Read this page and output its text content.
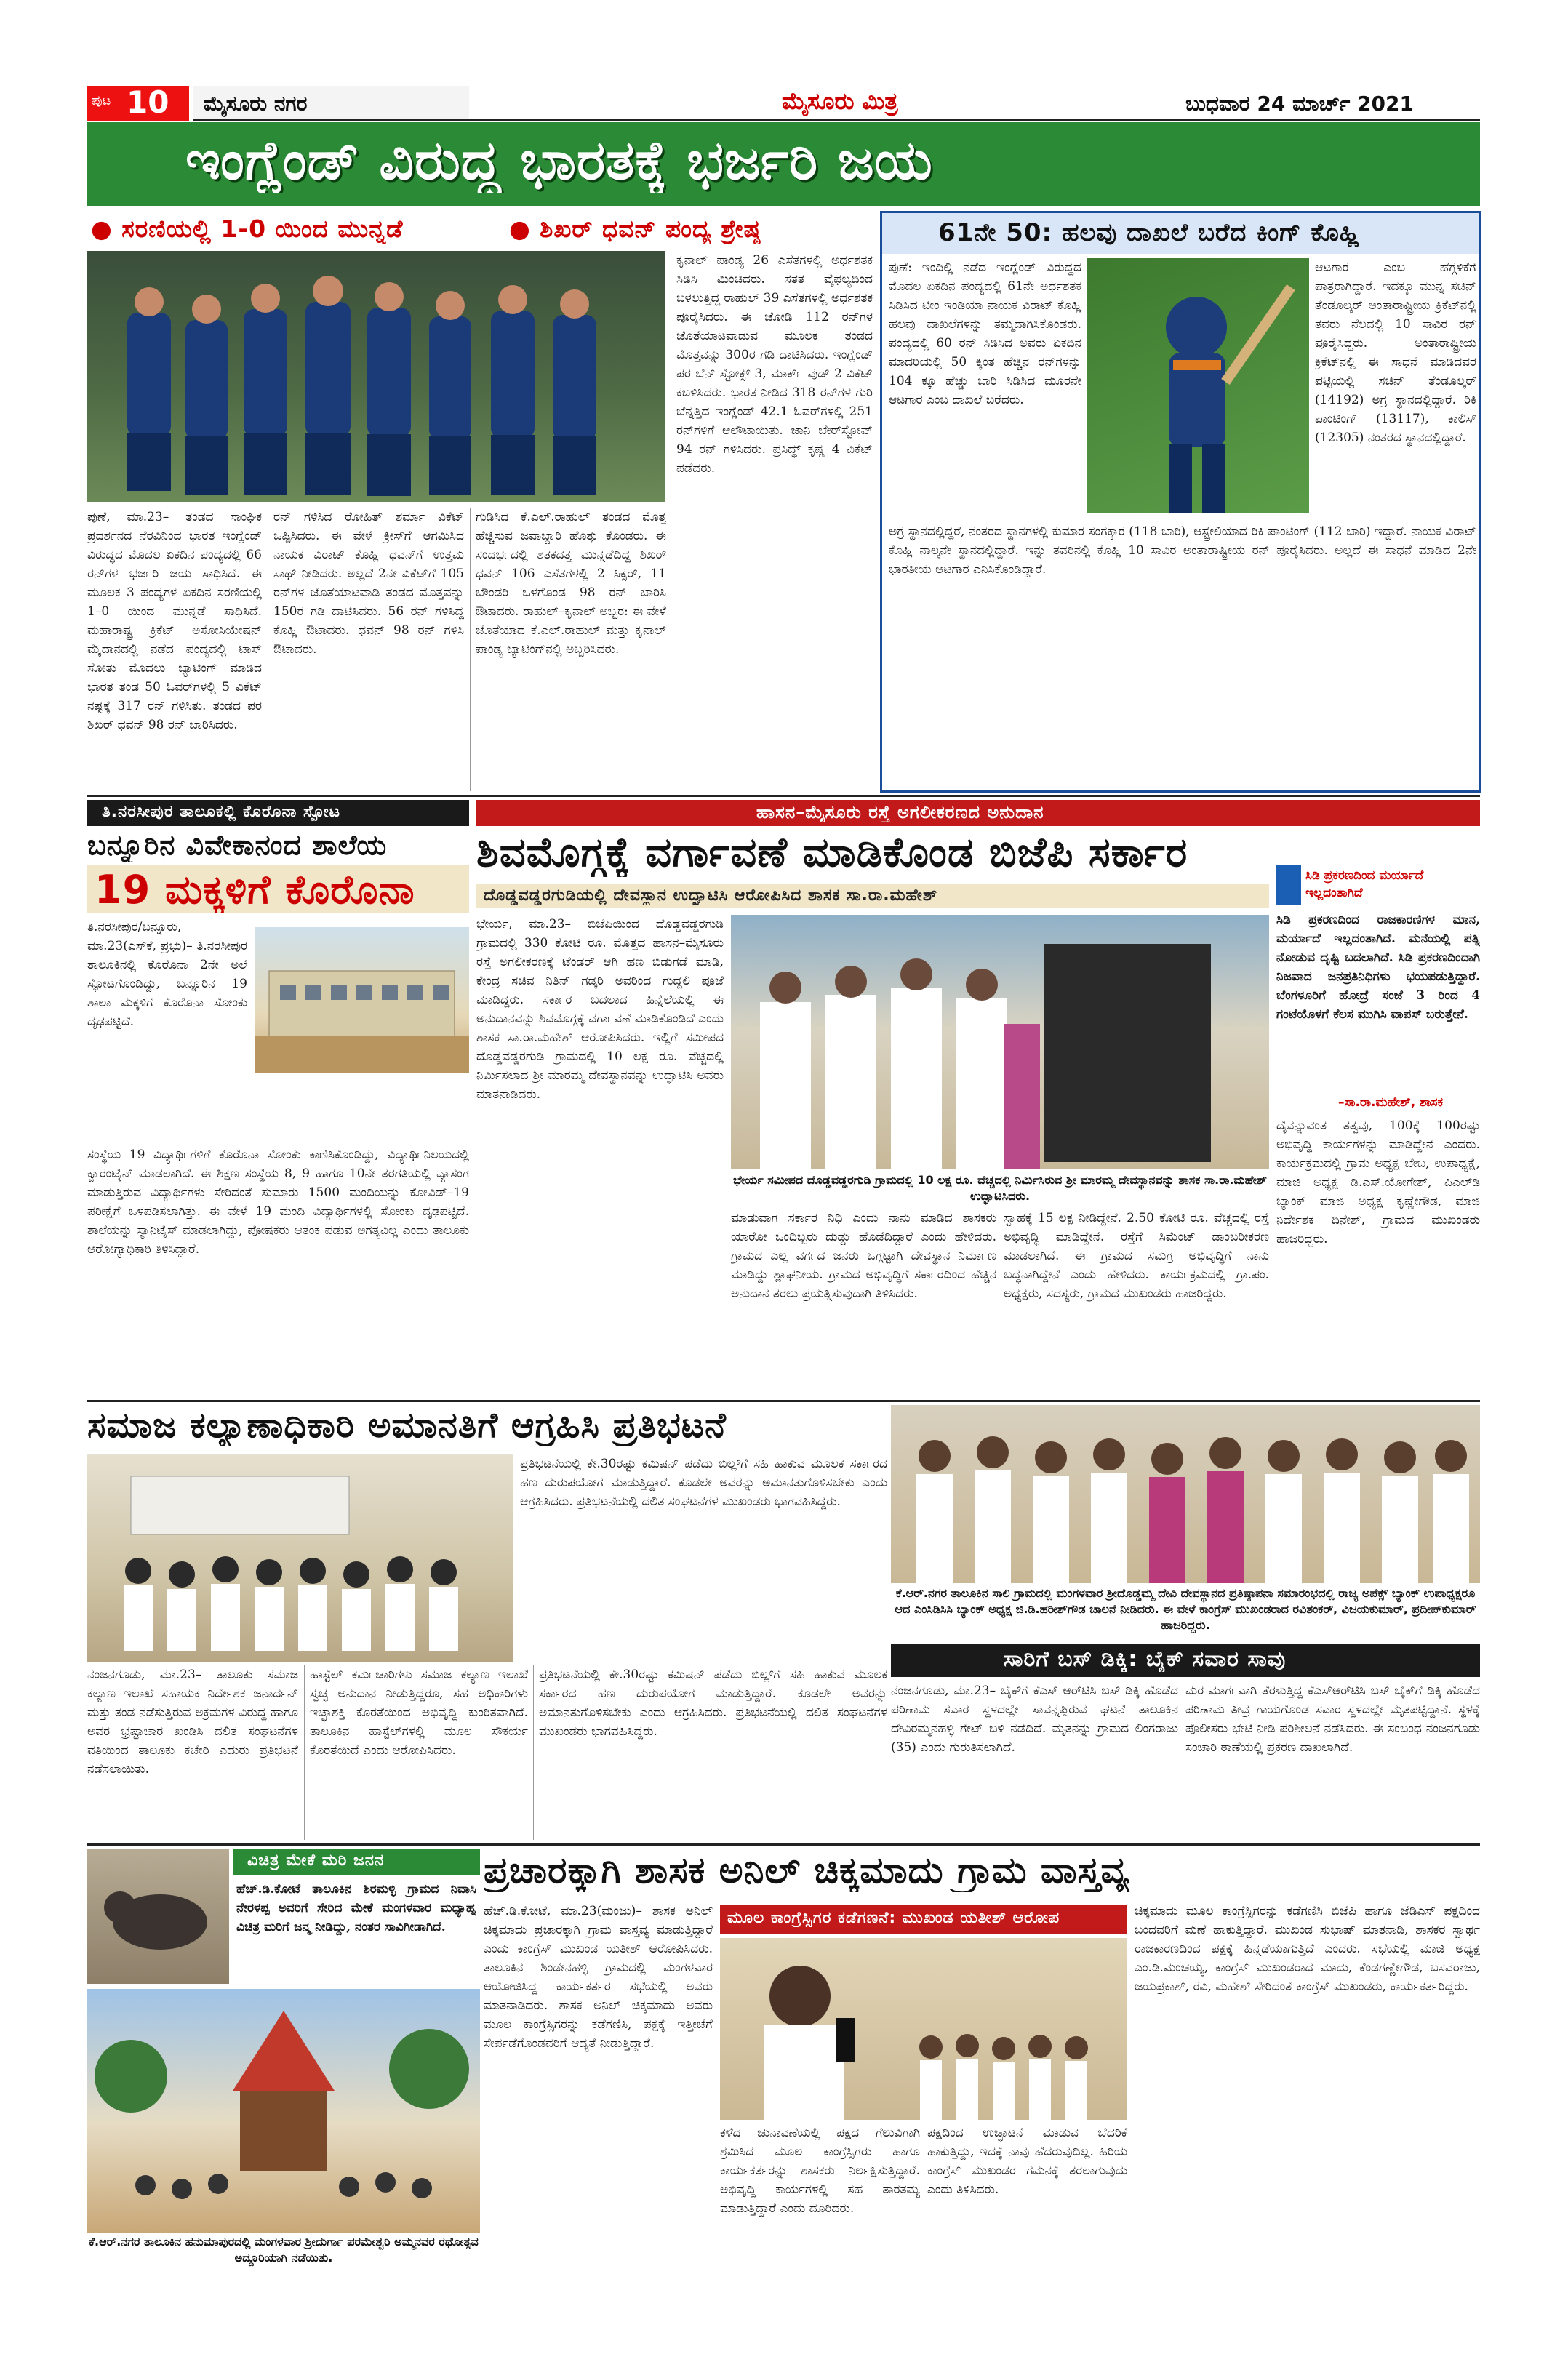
ಪುಟ 10 ಮೈಸೂರು ನಗರ	ಮೈಸೂರು ಮಿತ್ರ	ಬುಧವಾರ 24 ಮಾರ್ಚ್ 2021
ಇಂಗ್ಲೆಂಡ್ ವಿರುದ್ಧ ಭಾರತಕ್ಕೆ ಭರ್ಜರಿ ಜಯ
● ಸರಣಿಯಲ್ಲಿ 1-0 ಯಿಂದ ಮುನ್ನಡೆ	● ಶಿಖರ್ ಧವನ್ ಪಂದ್ಯ ಶ್ರೇಷ್ಠ
ಪುಣೆ, ಮಾ.23– ತಂಡದ ಸಾಂಘಿಕ ಪ್ರದರ್ಶನದ ನೆರವಿನಿಂದ ಭಾರತ ಇಂಗ್ಲೆಂಡ್ ವಿರುದ್ಧದ ಮೊದಲ ಏಕದಿನ ಪಂದ್ಯದಲ್ಲಿ 66 ರನ್‌ಗಳ ಭರ್ಜರಿ ಜಯ ಸಾಧಿಸಿದೆ. ಈ ಮೂಲಕ 3 ಪಂದ್ಯಗಳ ಏಕದಿನ ಸರಣಿಯಲ್ಲಿ 1–0 ಯಿಂದ ಮುನ್ನಡೆ ಸಾಧಿಸಿದೆ. ಮಹಾರಾಷ್ಟ್ರ ಕ್ರಿಕೆಟ್ ಅಸೋಸಿಯೇಷನ್ ಮೈದಾನದಲ್ಲಿ ನಡೆದ ಪಂದ್ಯದಲ್ಲಿ ಟಾಸ್ ಸೋತು ಮೊದಲು ಬ್ಯಾಟಿಂಗ್ ಮಾಡಿದ ಭಾರತ ತಂಡ 50 ಓವರ್‌ಗಳಲ್ಲಿ 5 ವಿಕೆಟ್ ನಷ್ಟಕ್ಕೆ 317 ರನ್ ಗಳಿಸಿತು. ತಂಡದ ಪರ ಶಿಖರ್ ಧವನ್ 98 ರನ್ ಬಾರಿಸಿದರು.
ರನ್ ಗಳಿಸಿದ ರೋಹಿತ್ ಶರ್ಮಾ ವಿಕೆಟ್ ಒಪ್ಪಿಸಿದರು. ಈ ವೇಳೆ ಕ್ರೀಸ್‌ಗೆ ಆಗಮಿಸಿದ ನಾಯಕ ವಿರಾಟ್ ಕೊಹ್ಲಿ ಧವನ್‌ಗೆ ಉತ್ತಮ ಸಾಥ್ ನೀಡಿದರು. ಅಲ್ಲದೆ 2ನೇ ವಿಕೆಟ್‌ಗೆ 105 ರನ್‌ಗಳ ಜೊತೆಯಾಟವಾಡಿ ತಂಡದ ಮೊತ್ತವನ್ನು 150ರ ಗಡಿ ದಾಟಿಸಿದರು. 56 ರನ್ ಗಳಿಸಿದ್ದ ಕೊಹ್ಲಿ ಔಟಾದರು. ಧವನ್ 98 ರನ್ ಗಳಿಸಿ ಔಟಾದರು.
ಗುಡಿಸಿದ ಕೆ.ಎಲ್.ರಾಹುಲ್ ತಂಡದ ಮೊತ್ತ ಹೆಚ್ಚಿಸುವ ಜವಾಬ್ದಾರಿ ಹೊತ್ತು ಕೊಂಡರು. ಈ ಸಂದರ್ಭದಲ್ಲಿ ಶತಕದತ್ತ ಮುನ್ನಡೆದಿದ್ದ ಶಿಖರ್ ಧವನ್ 106 ಎಸೆತಗಳಲ್ಲಿ 2 ಸಿಕ್ಸರ್, 11 ಬೌಂಡರಿ ಒಳಗೊಂಡ 98 ರನ್ ಬಾರಿಸಿ ಔಟಾದರು. ರಾಹುಲ್–ಕೃನಾಲ್ ಅಬ್ಬರ: ಈ ವೇಳೆ ಜೊತೆಯಾದ ಕೆ.ಎಲ್.ರಾಹುಲ್ ಮತ್ತು ಕೃನಾಲ್ ಪಾಂಡ್ಯ ಬ್ಯಾಟಿಂಗ್‌ನಲ್ಲಿ ಅಬ್ಬರಿಸಿದರು.
ಕೃನಾಲ್ ಪಾಂಡ್ಯ 26 ಎಸೆತಗಳಲ್ಲಿ ಅರ್ಧಶತಕ ಸಿಡಿಸಿ ಮಿಂಚಿದರು. ಸತತ ವೈಫಲ್ಯದಿಂದ ಬಳಲುತ್ತಿದ್ದ ರಾಹುಲ್ 39 ಎಸೆತಗಳಲ್ಲಿ ಅರ್ಧಶತಕ ಪೂರೈಸಿದರು. ಈ ಜೋಡಿ 112 ರನ್‌ಗಳ ಜೊತೆಯಾಟವಾಡುವ ಮೂಲಕ ತಂಡದ ಮೊತ್ತವನ್ನು 300ರ ಗಡಿ ದಾಟಿಸಿದರು. ಇಂಗ್ಲೆಂಡ್ ಪರ ಬೆನ್ ಸ್ಟೋಕ್ಸ್ 3, ಮಾರ್ಕ್ ವುಡ್ 2 ವಿಕೆಟ್ ಕಬಳಿಸಿದರು. ಭಾರತ ನೀಡಿದ 318 ರನ್‌ಗಳ ಗುರಿ ಬೆನ್ನತ್ತಿದ ಇಂಗ್ಲೆಂಡ್ 42.1 ಓವರ್‌ಗಳಲ್ಲಿ 251 ರನ್‌ಗಳಿಗೆ ಆಲೌಟಾಯಿತು. ಜಾನಿ ಬೇರ್‌ಸ್ಟೋವ್ 94 ರನ್ ಗಳಿಸಿದರು. ಪ್ರಸಿದ್ಧ್ ಕೃಷ್ಣ 4 ವಿಕೆಟ್ ಪಡೆದರು.
61ನೇ 50: ಹಲವು ದಾಖಲೆ ಬರೆದ ಕಿಂಗ್ ಕೊಹ್ಲಿ
ಪುಣೆ: ಇಂದಿಲ್ಲಿ ನಡೆದ ಇಂಗ್ಲೆಂಡ್ ವಿರುದ್ಧದ ಮೊದಲ ಏಕದಿನ ಪಂದ್ಯದಲ್ಲಿ 61ನೇ ಅರ್ಧಶತಕ ಸಿಡಿಸಿದ ಟೀಂ ಇಂಡಿಯಾ ನಾಯಕ ವಿರಾಟ್ ಕೊಹ್ಲಿ ಹಲವು ದಾಖಲೆಗಳನ್ನು ತಮ್ಮದಾಗಿಸಿಕೊಂಡರು. ಪಂದ್ಯದಲ್ಲಿ 60 ರನ್ ಸಿಡಿಸಿದ ಅವರು ಏಕದಿನ ಮಾದರಿಯಲ್ಲಿ 50 ಕ್ಕಿಂತ ಹೆಚ್ಚಿನ ರನ್‌ಗಳನ್ನು 104 ಕ್ಕೂ ಹೆಚ್ಚು ಬಾರಿ ಸಿಡಿಸಿದ ಮೂರನೇ ಆಟಗಾರ ಎಂಬ ದಾಖಲೆ ಬರೆದರು.
ಆಟಗಾರ ಎಂಬ ಹೆಗ್ಗಳಿಕೆಗೆ ಪಾತ್ರರಾಗಿದ್ದಾರೆ. ಇದಕ್ಕೂ ಮುನ್ನ ಸಚಿನ್ ತೆಂಡೂಲ್ಕರ್ ಅಂತಾರಾಷ್ಟ್ರೀಯ ಕ್ರಿಕೆಟ್‌ನಲ್ಲಿ ತವರು ನೆಲದಲ್ಲಿ 10 ಸಾವಿರ ರನ್ ಪೂರೈಸಿದ್ದರು. ಅಂತಾರಾಷ್ಟ್ರೀಯ ಕ್ರಿಕೆಟ್‌ನಲ್ಲಿ ಈ ಸಾಧನೆ ಮಾಡಿದವರ ಪಟ್ಟಿಯಲ್ಲಿ ಸಚಿನ್ ತೆಂಡೂಲ್ಕರ್ (14192) ಅಗ್ರ ಸ್ಥಾನದಲ್ಲಿದ್ದಾರೆ. ರಿಕಿ ಪಾಂಟಿಂಗ್ (13117), ಕಾಲಿಸ್ (12305) ನಂತರದ ಸ್ಥಾನದಲ್ಲಿದ್ದಾರೆ.
ಅಗ್ರ ಸ್ಥಾನದಲ್ಲಿದ್ದರೆ, ನಂತರದ ಸ್ಥಾನಗಳಲ್ಲಿ ಕುಮಾರ ಸಂಗಕ್ಕಾರ (118 ಬಾರಿ), ಆಸ್ಟ್ರೇಲಿಯಾದ ರಿಕಿ ಪಾಂಟಿಂಗ್ (112 ಬಾರಿ) ಇದ್ದಾರೆ. ನಾಯಕ ವಿರಾಟ್ ಕೊಹ್ಲಿ ನಾಲ್ಕನೇ ಸ್ಥಾನದಲ್ಲಿದ್ದಾರೆ. ಇನ್ನು ತವರಿನಲ್ಲಿ ಕೊಹ್ಲಿ 10 ಸಾವಿರ ಅಂತಾರಾಷ್ಟ್ರೀಯ ರನ್ ಪೂರೈಸಿದರು. ಅಲ್ಲದೆ ಈ ಸಾಧನೆ ಮಾಡಿದ 2ನೇ ಭಾರತೀಯ ಆಟಗಾರ ಎನಿಸಿಕೊಂಡಿದ್ದಾರೆ.
ಹಾಸನ–ಮೈಸೂರು ರಸ್ತೆ ಅಗಲೀಕರಣದ ಅನುದಾನ
ಶಿವಮೊಗ್ಗಕ್ಕೆ ವರ್ಗಾವಣೆ ಮಾಡಿಕೊಂಡ ಬಿಜೆಪಿ ಸರ್ಕಾರ
ದೊಡ್ಡವಡ್ಡರಗುಡಿಯಲ್ಲಿ ದೇವಸ್ಥಾನ ಉದ್ಘಾಟಿಸಿ ಆರೋಪಿಸಿದ ಶಾಸಕ ಸಾ.ರಾ.ಮಹೇಶ್
ಭೇರ್ಯ, ಮಾ.23– ಬಿಜೆಪಿಯಿಂದ ದೊಡ್ಡವಡ್ಡರಗುಡಿ ಗ್ರಾಮದಲ್ಲಿ 330 ಕೋಟಿ ರೂ. ಮೊತ್ತದ ಹಾಸನ–ಮೈಸೂರು ರಸ್ತೆ ಅಗಲೀಕರಣಕ್ಕೆ ಟೆಂಡರ್ ಆಗಿ ಹಣ ಬಿಡುಗಡೆ ಮಾಡಿ, ಕೇಂದ್ರ ಸಚಿವ ನಿತಿನ್ ಗಡ್ಕರಿ ಅವರಿಂದ ಗುದ್ದಲಿ ಪೂಜೆ ಮಾಡಿದ್ದರು. ಸರ್ಕಾರ ಬದಲಾದ ಹಿನ್ನೆಲೆಯಲ್ಲಿ ಈ ಅನುದಾನವನ್ನು ಶಿವಮೊಗ್ಗಕ್ಕೆ ವರ್ಗಾವಣೆ ಮಾಡಿಕೊಂಡಿದೆ ಎಂದು ಶಾಸಕ ಸಾ.ರಾ.ಮಹೇಶ್ ಆರೋಪಿಸಿದರು. ಇಲ್ಲಿಗೆ ಸಮೀಪದ ದೊಡ್ಡವಡ್ಡರಗುಡಿ ಗ್ರಾಮದಲ್ಲಿ 10 ಲಕ್ಷ ರೂ. ವೆಚ್ಚದಲ್ಲಿ ನಿರ್ಮಿಸಲಾದ ಶ್ರೀ ಮಾರಮ್ಮ ದೇವಸ್ಥಾನವನ್ನು ಉದ್ಘಾಟಿಸಿ ಅವರು ಮಾತನಾಡಿದರು.
ಭೇರ್ಯ ಸಮೀಪದ ದೊಡ್ಡವಡ್ಡರಗುಡಿ ಗ್ರಾಮದಲ್ಲಿ 10 ಲಕ್ಷ ರೂ. ವೆಚ್ಚದಲ್ಲಿ ನಿರ್ಮಿಸಿರುವ ಶ್ರೀ ಮಾರಮ್ಮ ದೇವಸ್ಥಾನವನ್ನು ಶಾಸಕ ಸಾ.ರಾ.ಮಹೇಶ್ ಉದ್ಘಾಟಿಸಿದರು.
ಮಾಡುವಾಗ ಸರ್ಕಾರ ನಿಧಿ ಎಂದು ನಾನು ಮಾಡಿದ ಶಾಸಕರು ಯಾರೋ ಒಂದಿಬ್ಬರು ದುಡ್ಡು ಹೊಡೆದಿದ್ದಾರೆ ಎಂದು ಹೇಳಿದರು. ಗ್ರಾಮದ ಎಲ್ಲ ವರ್ಗದ ಜನರು ಒಗ್ಗಟ್ಟಾಗಿ ದೇವಸ್ಥಾನ ನಿರ್ಮಾಣ ಮಾಡಿದ್ದು ಶ್ಲಾಘನೀಯ. ಗ್ರಾಮದ ಅಭಿವೃದ್ಧಿಗೆ ಸರ್ಕಾರದಿಂದ ಹೆಚ್ಚಿನ ಅನುದಾನ ತರಲು ಪ್ರಯತ್ನಿಸುವುದಾಗಿ ತಿಳಿಸಿದರು.
ಸ್ವಾಹಕ್ಕೆ 15 ಲಕ್ಷ ನೀಡಿದ್ದೇನೆ. 2.50 ಕೋಟಿ ರೂ. ವೆಚ್ಚದಲ್ಲಿ ರಸ್ತೆ ಅಭಿವೃದ್ಧಿ ಮಾಡಿದ್ದೇನೆ. ರಸ್ತೆಗೆ ಸಿಮೆಂಟ್ ಡಾಂಬರೀಕರಣ ಮಾಡಲಾಗಿದೆ. ಈ ಗ್ರಾಮದ ಸಮಗ್ರ ಅಭಿವೃದ್ಧಿಗೆ ನಾನು ಬದ್ಧನಾಗಿದ್ದೇನೆ ಎಂದು ಹೇಳಿದರು. ಕಾರ್ಯಕ್ರಮದಲ್ಲಿ ಗ್ರಾ.ಪಂ. ಅಧ್ಯಕ್ಷರು, ಸದಸ್ಯರು, ಗ್ರಾಮದ ಮುಖಂಡರು ಹಾಜರಿದ್ದರು.
ಸಿಡಿ ಪ್ರಕರಣದಿಂದ ಮರ್ಯಾದೆ ಇಲ್ಲದಂತಾಗಿದೆ
ಸಿಡಿ ಪ್ರಕರಣದಿಂದ ರಾಜಕಾರಣಿಗಳ ಮಾನ, ಮರ್ಯಾದೆ ಇಲ್ಲದಂತಾಗಿದೆ. ಮನೆಯಲ್ಲಿ ಪತ್ನಿ ನೋಡುವ ದೃಷ್ಟಿ ಬದಲಾಗಿದೆ. ಸಿಡಿ ಪ್ರಕರಣದಿಂದಾಗಿ ನಿಜವಾದ ಜನಪ್ರತಿನಿಧಿಗಳು ಭಯಪಡುತ್ತಿದ್ದಾರೆ. ಬೆಂಗಳೂರಿಗೆ ಹೋದ್ರೆ ಸಂಜೆ 3 ರಿಂದ 4 ಗಂಟೆಯೊಳಗೆ ಕೆಲಸ ಮುಗಿಸಿ ವಾಪಸ್ ಬರುತ್ತೇನೆ.
–ಸಾ.ರಾ.ಮಹೇಶ್, ಶಾಸಕ
ದೈವನ್ನುವಂತ ತತ್ವವು, 100ಕ್ಕೆ 100ರಷ್ಟು ಅಭಿವೃದ್ಧಿ ಕಾರ್ಯಗಳನ್ನು ಮಾಡಿದ್ದೇನೆ ಎಂದರು. ಕಾರ್ಯಕ್ರಮದಲ್ಲಿ ಗ್ರಾಮ ಅಧ್ಯಕ್ಷ ಬೇಬ, ಉಪಾಧ್ಯಕ್ಷೆ, ಮಾಜಿ ಅಧ್ಯಕ್ಷ ಡಿ.ಎಸ್.ಯೋಗೇಶ್, ಪಿಎಲ್‌ಡಿ ಬ್ಯಾಂಕ್ ಮಾಜಿ ಅಧ್ಯಕ್ಷ ಕೃಷ್ಣೇಗೌಡ, ಮಾಜಿ ನಿರ್ದೇಶಕ ದಿನೇಶ್, ಗ್ರಾಮದ ಮುಖಂಡರು ಹಾಜರಿದ್ದರು.
ತಿ.ನರಸೀಪುರ ತಾಲೂಕಲ್ಲಿ ಕೊರೊನಾ ಸ್ಫೋಟ
ಬನ್ನೂರಿನ ವಿವೇಕಾನಂದ ಶಾಲೆಯ
19 ಮಕ್ಕಳಿಗೆ ಕೊರೊನಾ
ತಿ.ನರಸೀಪುರ/ಬನ್ನೂರು, ಮಾ.23(ಎಸ್‌ಕೆ, ಪ್ರಭು)– ತಿ.ನರಸೀಪುರ ತಾಲೂಕಿನಲ್ಲಿ ಕೊರೊನಾ 2ನೇ ಅಲೆ ಸ್ಫೋಟಗೊಂಡಿದ್ದು, ಬನ್ನೂರಿನ 19 ಶಾಲಾ ಮಕ್ಕಳಿಗೆ ಕೊರೊನಾ ಸೋಂಕು ದೃಢಪಟ್ಟಿದೆ.
ಸಂಸ್ಥೆಯ 19 ವಿದ್ಯಾರ್ಥಿಗಳಿಗೆ ಕೊರೊನಾ ಸೋಂಕು ಕಾಣಿಸಿಕೊಂಡಿದ್ದು, ವಿದ್ಯಾರ್ಥಿನಿಲಯದಲ್ಲಿ ಕ್ವಾರಂಟೈನ್ ಮಾಡಲಾಗಿದೆ. ಈ ಶಿಕ್ಷಣ ಸಂಸ್ಥೆಯ 8, 9 ಹಾಗೂ 10ನೇ ತರಗತಿಯಲ್ಲಿ ವ್ಯಾಸಂಗ ಮಾಡುತ್ತಿರುವ ವಿದ್ಯಾರ್ಥಿಗಳು ಸೇರಿದಂತೆ ಸುಮಾರು 1500 ಮಂದಿಯನ್ನು ಕೋವಿಡ್–19 ಪರೀಕ್ಷೆಗೆ ಒಳಪಡಿಸಲಾಗಿತ್ತು. ಈ ವೇಳೆ 19 ಮಂದಿ ವಿದ್ಯಾರ್ಥಿಗಳಲ್ಲಿ ಸೋಂಕು ದೃಢಪಟ್ಟಿದೆ. ಶಾಲೆಯನ್ನು ಸ್ಯಾನಿಟೈಸ್ ಮಾಡಲಾಗಿದ್ದು, ಪೋಷಕರು ಆತಂಕ ಪಡುವ ಅಗತ್ಯವಿಲ್ಲ ಎಂದು ತಾಲೂಕು ಆರೋಗ್ಯಾಧಿಕಾರಿ ತಿಳಿಸಿದ್ದಾರೆ.
ಸಮಾಜ ಕಲ್ಯಾಣಾಧಿಕಾರಿ ಅಮಾನತಿಗೆ ಆಗ್ರಹಿಸಿ ಪ್ರತಿಭಟನೆ
ಪ್ರತಿಭಟನೆಯಲ್ಲಿ ಕೇ.30ರಷ್ಟು ಕಮಿಷನ್ ಪಡೆದು ಬಿಲ್ಲ್‌ಗೆ ಸಹಿ ಹಾಕುವ ಮೂಲಕ ಸರ್ಕಾರದ ಹಣ ದುರುಪಯೋಗ ಮಾಡುತ್ತಿದ್ದಾರೆ. ಕೂಡಲೇ ಅವರನ್ನು ಅಮಾನತುಗೊಳಿಸಬೇಕು ಎಂದು ಆಗ್ರಹಿಸಿದರು. ಪ್ರತಿಭಟನೆಯಲ್ಲಿ ದಲಿತ ಸಂಘಟನೆಗಳ ಮುಖಂಡರು ಭಾಗವಹಿಸಿದ್ದರು.
ನಂಜನಗೂಡು, ಮಾ.23– ತಾಲೂಕು ಸಮಾಜ ಕಲ್ಯಾಣ ಇಲಾಖೆ ಸಹಾಯಕ ನಿರ್ದೇಶಕ ಜನಾರ್ದನ್ ಮತ್ತು ತಂಡ ನಡೆಸುತ್ತಿರುವ ಅಕ್ರಮಗಳ ವಿರುದ್ಧ ಹಾಗೂ ಅವರ ಭ್ರಷ್ಟಾಚಾರ ಖಂಡಿಸಿ ದಲಿತ ಸಂಘಟನೆಗಳ ವತಿಯಿಂದ ತಾಲೂಕು ಕಚೇರಿ ಎದುರು ಪ್ರತಿಭಟನೆ ನಡೆಸಲಾಯಿತು.
ಹಾಸ್ಟೆಲ್ ಕರ್ಮಚಾರಿಗಳು ಸಮಾಜ ಕಲ್ಯಾಣ ಇಲಾಖೆ ಸ್ವಚ್ಛ ಅನುದಾನ ನೀಡುತ್ತಿದ್ದರೂ, ಸಹ ಅಧಿಕಾರಿಗಳು ಇಚ್ಛಾಶಕ್ತಿ ಕೊರತೆಯಿಂದ ಅಭಿವೃದ್ಧಿ ಕುಂಠಿತವಾಗಿದೆ. ತಾಲೂಕಿನ ಹಾಸ್ಟೆಲ್‌ಗಳಲ್ಲಿ ಮೂಲ ಸೌಕರ್ಯ ಕೊರತೆಯಿದೆ ಎಂದು ಆರೋಪಿಸಿದರು.
ಪ್ರತಿಭಟನೆಯಲ್ಲಿ ಕೇ.30ರಷ್ಟು ಕಮಿಷನ್ ಪಡೆದು ಬಿಲ್ಲ್‌ಗೆ ಸಹಿ ಹಾಕುವ ಮೂಲಕ ಸರ್ಕಾರದ ಹಣ ದುರುಪಯೋಗ ಮಾಡುತ್ತಿದ್ದಾರೆ. ಕೂಡಲೇ ಅವರನ್ನು ಅಮಾನತುಗೊಳಿಸಬೇಕು ಎಂದು ಆಗ್ರಹಿಸಿದರು. ಪ್ರತಿಭಟನೆಯಲ್ಲಿ ದಲಿತ ಸಂಘಟನೆಗಳ ಮುಖಂಡರು ಭಾಗವಹಿಸಿದ್ದರು.
ಕೆ.ಆರ್.ನಗರ ತಾಲೂಕಿನ ಸಾಲಿ ಗ್ರಾಮದಲ್ಲಿ ಮಂಗಳವಾರ ಶ್ರೀದೊಡ್ಡಮ್ಮ ದೇವಿ ದೇವಸ್ಥಾನದ ಪ್ರತಿಷ್ಠಾಪನಾ ಸಮಾರಂಭದಲ್ಲಿ ರಾಜ್ಯ ಅಪೆಕ್ಸ್ ಬ್ಯಾಂಕ್ ಉಪಾಧ್ಯಕ್ಷರೂ ಆದ ಎಂಸಿಡಿಸಿಸಿ ಬ್ಯಾಂಕ್ ಅಧ್ಯಕ್ಷ ಜಿ.ಡಿ.ಹರೀಶ್‌ಗೌಡ ಚಾಲನೆ ನೀಡಿದರು. ಈ ವೇಳೆ ಕಾಂಗ್ರೆಸ್ ಮುಖಂಡರಾದ ರವಿಶಂಕರ್, ವಿಜಯಕುಮಾರ್, ಪ್ರದೀಪ್‌ಕುಮಾರ್ ಹಾಜರಿದ್ದರು.
ಸಾರಿಗೆ ಬಸ್ ಡಿಕ್ಕಿ: ಬೈಕ್ ಸವಾರ ಸಾವು
ನಂಜನಗೂಡು, ಮಾ.23– ಬೈಕ್‌ಗೆ ಕೆಎಸ್ ಆರ್‌ಟಿಸಿ ಬಸ್ ಡಿಕ್ಕಿ ಹೊಡೆದ ಪರಿಣಾಮ ಸವಾರ ಸ್ಥಳದಲ್ಲೇ ಸಾವನ್ನಪ್ಪಿರುವ ಘಟನೆ ತಾಲೂಕಿನ ದೇವಿರಮ್ಮನಹಳ್ಳಿ ಗೇಟ್ ಬಳಿ ನಡೆದಿದೆ. ಮೃತನನ್ನು ಗ್ರಾಮದ ಲಿಂಗರಾಜು (35) ಎಂದು ಗುರುತಿಸಲಾಗಿದೆ.
ಮರ ಮಾರ್ಗವಾಗಿ ತೆರಳುತ್ತಿದ್ದ ಕೆಎಸ್ಆರ್‌ಟಿಸಿ ಬಸ್ ಬೈಕ್‌ಗೆ ಡಿಕ್ಕಿ ಹೊಡೆದ ಪರಿಣಾಮ ತೀವ್ರ ಗಾಯಗೊಂಡ ಸವಾರ ಸ್ಥಳದಲ್ಲೇ ಮೃತಪಟ್ಟಿದ್ದಾನೆ. ಸ್ಥಳಕ್ಕೆ ಪೊಲೀಸರು ಭೇಟಿ ನೀಡಿ ಪರಿಶೀಲನೆ ನಡೆಸಿದರು. ಈ ಸಂಬಂಧ ನಂಜನಗೂಡು ಸಂಚಾರಿ ಠಾಣೆಯಲ್ಲಿ ಪ್ರಕರಣ ದಾಖಲಾಗಿದೆ.
ವಿಚಿತ್ರ ಮೇಕೆ ಮರಿ ಜನನ
ಹೆಚ್.ಡಿ.ಕೋಟೆ ತಾಲೂಕಿನ ಶಿರಮಳ್ಳಿ ಗ್ರಾಮದ ನಿವಾಸಿ ನೇರಳಪ್ಪ ಅವರಿಗೆ ಸೇರಿದ ಮೇಕೆ ಮಂಗಳವಾರ ಮಧ್ಯಾಹ್ನ ವಿಚಿತ್ರ ಮರಿಗೆ ಜನ್ಮ ನೀಡಿದ್ದು, ನಂತರ ಸಾವಿಗೀಡಾಗಿದೆ.
ಕೆ.ಆರ್.ನಗರ ತಾಲೂಕಿನ ಹನುಮಾಪುರದಲ್ಲಿ ಮಂಗಳವಾರ ಶ್ರೀದುರ್ಗಾ ಪರಮೇಶ್ವರಿ ಅಮ್ಮನವರ ರಥೋತ್ಸವ ಅದ್ದೂರಿಯಾಗಿ ನಡೆಯಿತು.
ಪ್ರಚಾರಕ್ಕಾಗಿ ಶಾಸಕ ಅನಿಲ್ ಚಿಕ್ಕಮಾದು ಗ್ರಾಮ ವಾಸ್ತವ್ಯ
ಹೆಚ್.ಡಿ.ಕೋಟೆ, ಮಾ.23(ಮಂಜು)– ಶಾಸಕ ಅನಿಲ್ ಚಿಕ್ಕಮಾದು ಪ್ರಚಾರಕ್ಕಾಗಿ ಗ್ರಾಮ ವಾಸ್ತವ್ಯ ಮಾಡುತ್ತಿದ್ದಾರೆ ಎಂದು ಕಾಂಗ್ರೆಸ್ ಮುಖಂಡ ಯತೀಶ್ ಆರೋಪಿಸಿದರು. ತಾಲೂಕಿನ ಶಿಂಡೇನಹಳ್ಳಿ ಗ್ರಾಮದಲ್ಲಿ ಮಂಗಳವಾರ ಆಯೋಜಿಸಿದ್ದ ಕಾರ್ಯಕರ್ತರ ಸಭೆಯಲ್ಲಿ ಅವರು ಮಾತನಾಡಿದರು. ಶಾಸಕ ಅನಿಲ್ ಚಿಕ್ಕಮಾದು ಅವರು ಮೂಲ ಕಾಂಗ್ರೆಸ್ಸಿಗರನ್ನು ಕಡೆಗಣಿಸಿ, ಪಕ್ಷಕ್ಕೆ ಇತ್ತೀಚೆಗೆ ಸೇರ್ಪಡೆಗೊಂಡವರಿಗೆ ಆದ್ಯತೆ ನೀಡುತ್ತಿದ್ದಾರೆ.
ಮೂಲ ಕಾಂಗ್ರೆಸ್ಸಿಗರ ಕಡೆಗಣನೆ: ಮುಖಂಡ ಯತೀಶ್ ಆರೋಪ
ಕಳೆದ ಚುನಾವಣೆಯಲ್ಲಿ ಪಕ್ಷದ ಗೆಲುವಿಗಾಗಿ ಶ್ರಮಿಸಿದ ಮೂಲ ಕಾಂಗ್ರೆಸ್ಸಿಗರು ಹಾಗೂ ಕಾರ್ಯಕರ್ತರನ್ನು ಶಾಸಕರು ನಿರ್ಲಕ್ಷಿಸುತ್ತಿದ್ದಾರೆ. ಅಭಿವೃದ್ಧಿ ಕಾರ್ಯಗಳಲ್ಲಿ ಸಹ ತಾರತಮ್ಯ ಮಾಡುತ್ತಿದ್ದಾರೆ ಎಂದು ದೂರಿದರು.
ಪಕ್ಷದಿಂದ ಉಚ್ಛಾಟನೆ ಮಾಡುವ ಬೆದರಿಕೆ ಹಾಕುತ್ತಿದ್ದು, ಇದಕ್ಕೆ ನಾವು ಹೆದರುವುದಿಲ್ಲ. ಹಿರಿಯ ಕಾಂಗ್ರೆಸ್ ಮುಖಂಡರ ಗಮನಕ್ಕೆ ತರಲಾಗುವುದು ಎಂದು ತಿಳಿಸಿದರು.
ಚಿಕ್ಕಮಾದು ಮೂಲ ಕಾಂಗ್ರೆಸ್ಸಿಗರನ್ನು ಕಡೆಗಣಿಸಿ ಬಿಜೆಪಿ ಹಾಗೂ ಜೆಡಿಎಸ್ ಪಕ್ಷದಿಂದ ಬಂದವರಿಗೆ ಮಣೆ ಹಾಕುತ್ತಿದ್ದಾರೆ. ಮುಖಂಡ ಸುಭಾಷ್ ಮಾತನಾಡಿ, ಶಾಸಕರ ಸ್ವಾರ್ಥ ರಾಜಕಾರಣದಿಂದ ಪಕ್ಷಕ್ಕೆ ಹಿನ್ನಡೆಯಾಗುತ್ತಿದೆ ಎಂದರು. ಸಭೆಯಲ್ಲಿ ಮಾಜಿ ಅಧ್ಯಕ್ಷ ಎಂ.ಡಿ.ಮಂಚಯ್ಯ, ಕಾಂಗ್ರೆಸ್ ಮುಖಂಡರಾದ ಮಾದು, ಕೆಂಡಗಣ್ಣೇಗೌಡ, ಬಸವರಾಜು, ಜಯಪ್ರಕಾಶ್, ರವಿ, ಮಹೇಶ್ ಸೇರಿದಂತೆ ಕಾಂಗ್ರೆಸ್ ಮುಖಂಡರು, ಕಾರ್ಯಕರ್ತರಿದ್ದರು.
